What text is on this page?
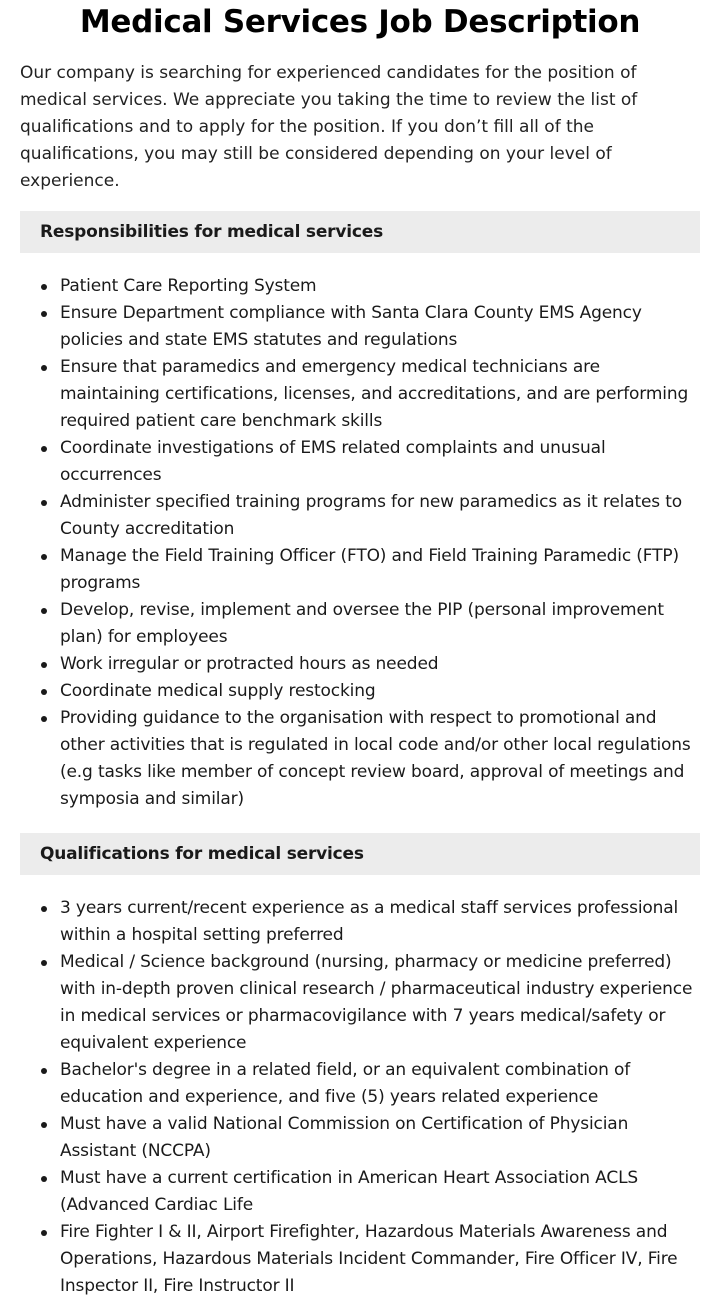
Medical Services Job Description

Our company is searching for experienced candidates for the position of medical services. We appreciate you taking the time to review the list of qualifications and to apply for the position. If you don’t fill all of the qualifications, you may still be considered depending on your level of experience.

Responsibilities for medical services
Patient Care Reporting System
Ensure Department compliance with Santa Clara County EMS Agency policies and state EMS statutes and regulations
Ensure that paramedics and emergency medical technicians are maintaining certifications, licenses, and accreditations, and are performing required patient care benchmark skills
Coordinate investigations of EMS related complaints and unusual occurrences
Administer specified training programs for new paramedics as it relates to County accreditation
Manage the Field Training Officer (FTO) and Field Training Paramedic (FTP) programs
Develop, revise, implement and oversee the PIP (personal improvement plan) for employees
Work irregular or protracted hours as needed
Coordinate medical supply restocking
Providing guidance to the organisation with respect to promotional and other activities that is regulated in local code and/or other local regulations (e.g tasks like member of concept review board, approval of meetings and symposia and similar)
Qualifications for medical services
3 years current/recent experience as a medical staff services professional within a hospital setting preferred
Medical / Science background (nursing, pharmacy or medicine preferred) with in-depth proven clinical research / pharmaceutical industry experience in medical services or pharmacovigilance with 7 years medical/safety or equivalent experience
Bachelor's degree in a related field, or an equivalent combination of education and experience, and five (5) years related experience
Must have a valid National Commission on Certification of Physician Assistant (NCCPA)
Must have a current certification in American Heart Association ACLS (Advanced Cardiac Life
Fire Fighter I & II, Airport Firefighter, Hazardous Materials Awareness and Operations, Hazardous Materials Incident Commander, Fire Officer IV, Fire Inspector II, Fire Instructor II
